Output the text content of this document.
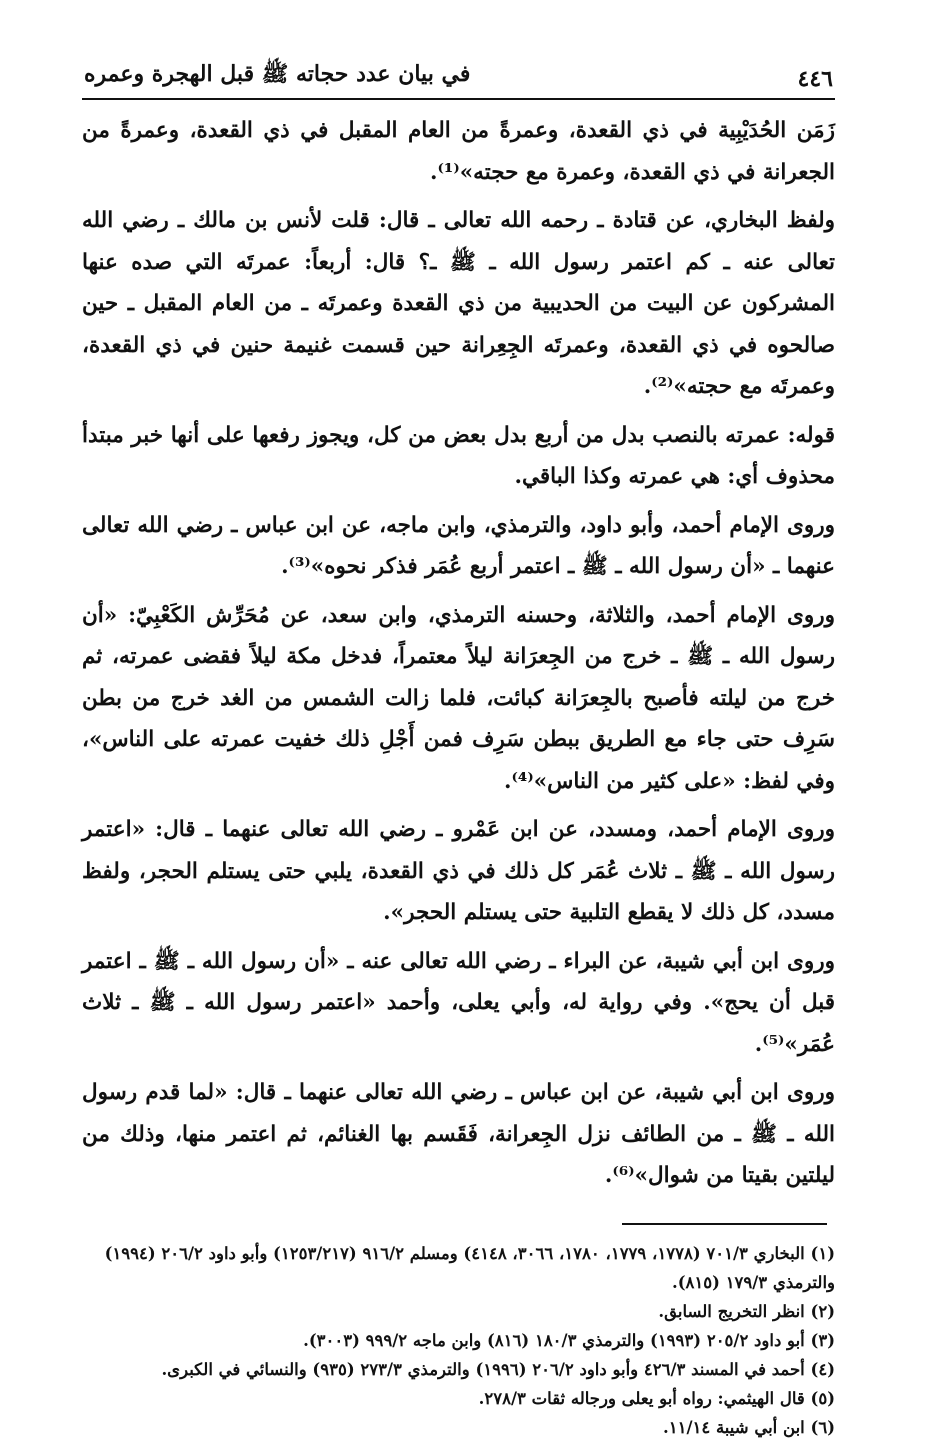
٤٤٦
في بيان عدد حجاته ﷺ قبل الهجرة وعمره

زَمَن الحُدَيْبِية في ذي القعدة، وعمرةً من العام المقبل في ذي القعدة، وعمرةً من الجعرانة في ذي القعدة، وعمرة مع حجته»⁽¹⁾.

ولفظ البخاري، عن قتادة ـ رحمه الله تعالى ـ قال: قلت لأنس بن مالك ـ رضي الله تعالى عنه ـ كم اعتمر رسول الله ـ ﷺ ـ؟ قال: أربعاً: عمرتَه التي صده عنها المشركون عن البيت من الحديبية من ذي القعدة وعمرتَه ـ من العام المقبل ـ حين صالحوه في ذي القعدة، وعمرتَه الجِعِرانة حين قسمت غنيمة حنين في ذي القعدة، وعمرتَه مع حجته»⁽²⁾.

قوله: عمرته بالنصب بدل من أربع بدل بعض من كل، ويجوز رفعها على أنها خبر مبتدأ محذوف أي: هي عمرته وكذا الباقي.

وروى الإمام أحمد، وأبو داود، والترمذي، وابن ماجه، عن ابن عباس ـ رضي الله تعالى عنهما ـ «أن رسول الله ـ ﷺ ـ اعتمر أربع عُمَر فذكر نحوه»⁽³⁾.

وروى الإمام أحمد، والثلاثة، وحسنه الترمذي، وابن سعد، عن مُحَرِّش الكَعْبِيّ: «أن رسول الله ـ ﷺ ـ خرج من الجِعرَانة ليلاً معتمراً، فدخل مكة ليلاً فقضى عمرته، ثم خرج من ليلته فأصبح بالجِعرَانة كبائت، فلما زالت الشمس من الغد خرج من بطن سَرِف حتى جاء مع الطريق ببطن سَرِف فمن أَجْلِ ذلك خفيت عمرته على الناس»، وفي لفظ: «على كثير من الناس»⁽⁴⁾.

وروى الإمام أحمد، ومسدد، عن ابن عَمْرو ـ رضي الله تعالى عنهما ـ قال: «اعتمر رسول الله ـ ﷺ ـ ثلاث عُمَر كل ذلك في ذي القعدة، يلبي حتى يستلم الحجر، ولفظ مسدد، كل ذلك لا يقطع التلبية حتى يستلم الحجر».

وروى ابن أبي شيبة، عن البراء ـ رضي الله تعالى عنه ـ «أن رسول الله ـ ﷺ ـ اعتمر قبل أن يحج». وفي رواية له، وأبي يعلى، وأحمد «اعتمر رسول الله ـ ﷺ ـ ثلاث عُمَر»⁽⁵⁾.

وروى ابن أبي شيبة، عن ابن عباس ـ رضي الله تعالى عنهما ـ قال: «لما قدم رسول الله ـ ﷺ ـ من الطائف نزل الجِعرانة، فَقَسم بها الغنائم، ثم اعتمر منها، وذلك من ليلتين بقيتا من شوال»⁽⁶⁾.

(١) البخاري ٧٠١/٣ (١٧٧٨، ١٧٧٩، ١٧٨٠، ٣٠٦٦، ٤١٤٨) ومسلم ٩١٦/٢ (١٢٥٣/٢١٧) وأبو داود ٢٠٦/٢ (١٩٩٤) والترمذي ١٧٩/٣ (٨١٥).

(٢) انظر التخريج السابق.

(٣) أبو داود ٢٠٥/٢ (١٩٩٣) والترمذي ١٨٠/٣ (٨١٦) وابن ماجه ٩٩٩/٢ (٣٠٠٣).

(٤) أحمد في المسند ٤٢٦/٣ وأبو داود ٢٠٦/٢ (١٩٩٦) والترمذي ٢٧٣/٣ (٩٣٥) والنسائي في الكبرى.

(٥) قال الهيثمي: رواه أبو يعلى ورجاله ثقات ٢٧٨/٣.

(٦) ابن أبي شيبة ١١/١٤.
